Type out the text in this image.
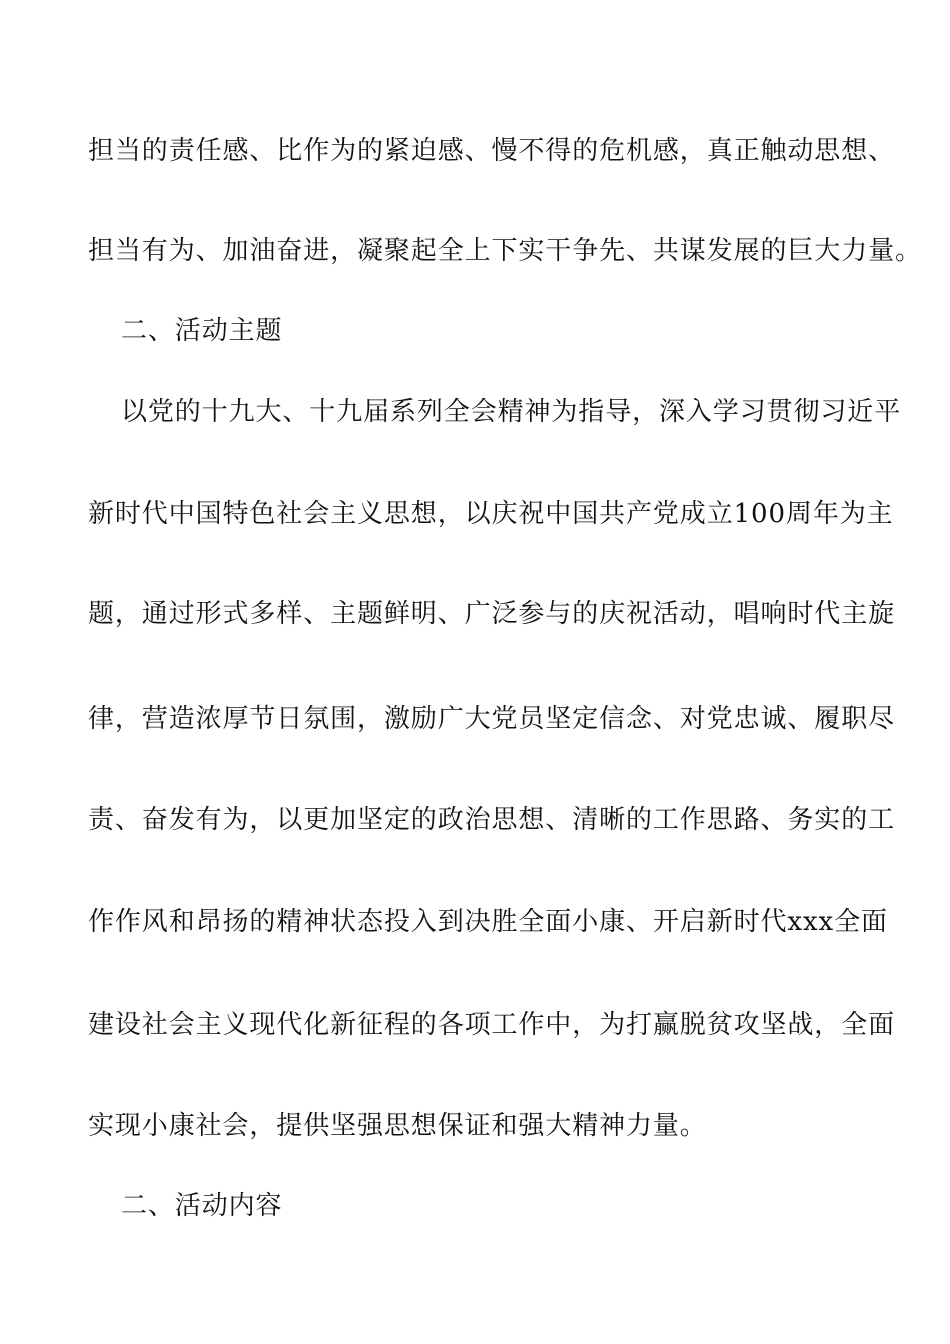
担当的责任感、比作为的紧迫感、慢不得的危机感，真正触动思想、
担当有为、加油奋进，凝聚起全上下实干争先、共谋发展的巨大力量。
二、活动主题
以党的十九大、十九届系列全会精神为指导，深入学习贯彻习近平
新时代中国特色社会主义思想，以庆祝中国共产党成立100周年为主
题，通过形式多样、主题鲜明、广泛参与的庆祝活动，唱响时代主旋
律，营造浓厚节日氛围，激励广大党员坚定信念、对党忠诚、履职尽
责、奋发有为，以更加坚定的政治思想、清晰的工作思路、务实的工
作作风和昂扬的精神状态投入到决胜全面小康、开启新时代xxx全面
建设社会主义现代化新征程的各项工作中，为打赢脱贫攻坚战，全面
实现小康社会，提供坚强思想保证和强大精神力量。
二、活动内容
